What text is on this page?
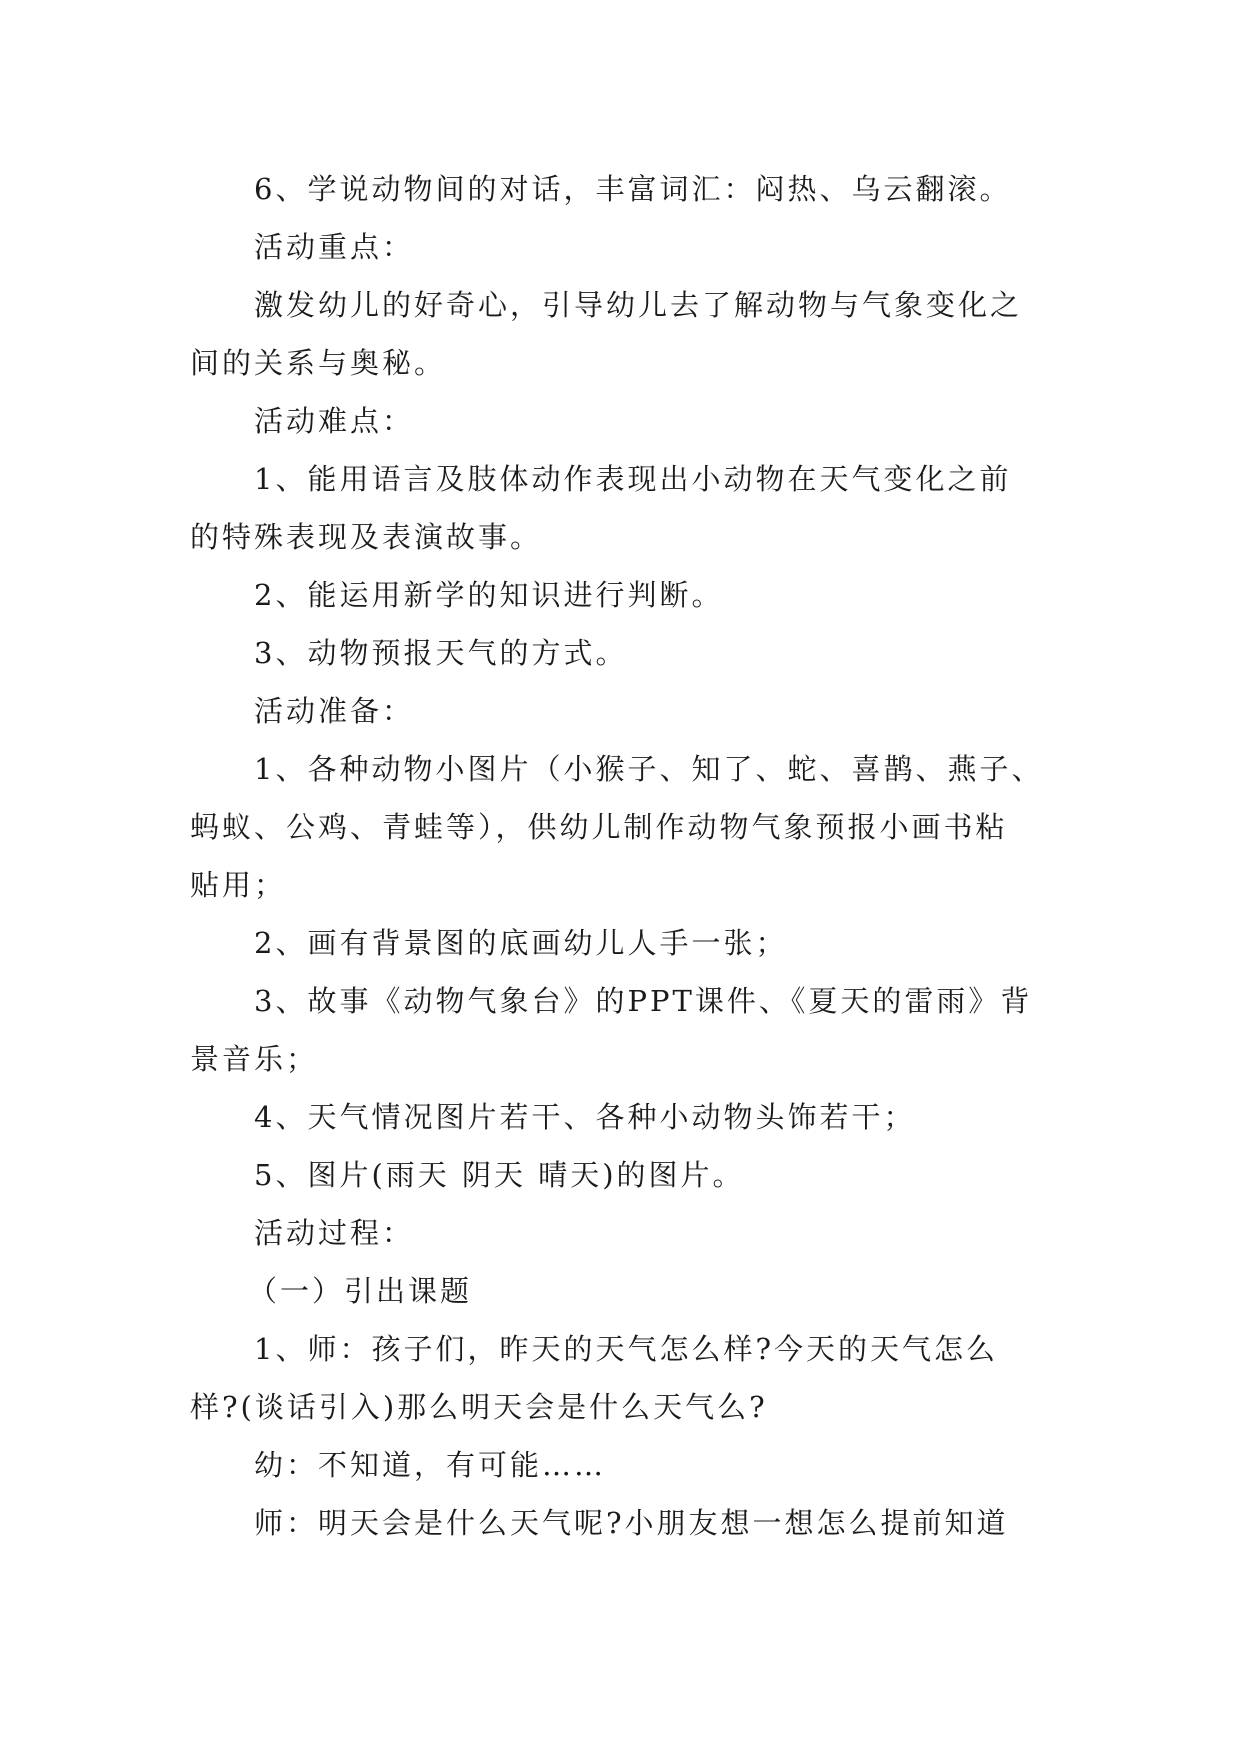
6、学说动物间的对话，丰富词汇：闷热、乌云翻滚。
活动重点：
激发幼儿的好奇心，引导幼儿去了解动物与气象变化之
间的关系与奥秘。
活动难点：
1、能用语言及肢体动作表现出小动物在天气变化之前
的特殊表现及表演故事。
2、能运用新学的知识进行判断。
3、动物预报天气的方式。
活动准备：
1、各种动物小图片（小猴子、知了、蛇、喜鹊、燕子、
蚂蚁、公鸡、青蛙等），供幼儿制作动物气象预报小画书粘
贴用；
2、画有背景图的底画幼儿人手一张；
3、故事《动物气象台》的PPT课件、《夏天的雷雨》背
景音乐；
4、天气情况图片若干、各种小动物头饰若干；
5、图片(雨天 阴天 晴天)的图片。
活动过程：
（一）引出课题
1、师：孩子们，昨天的天气怎么样?今天的天气怎么
样?(谈话引入)那么明天会是什么天气么?
幼：不知道，有可能……
师：明天会是什么天气呢?小朋友想一想怎么提前知道
